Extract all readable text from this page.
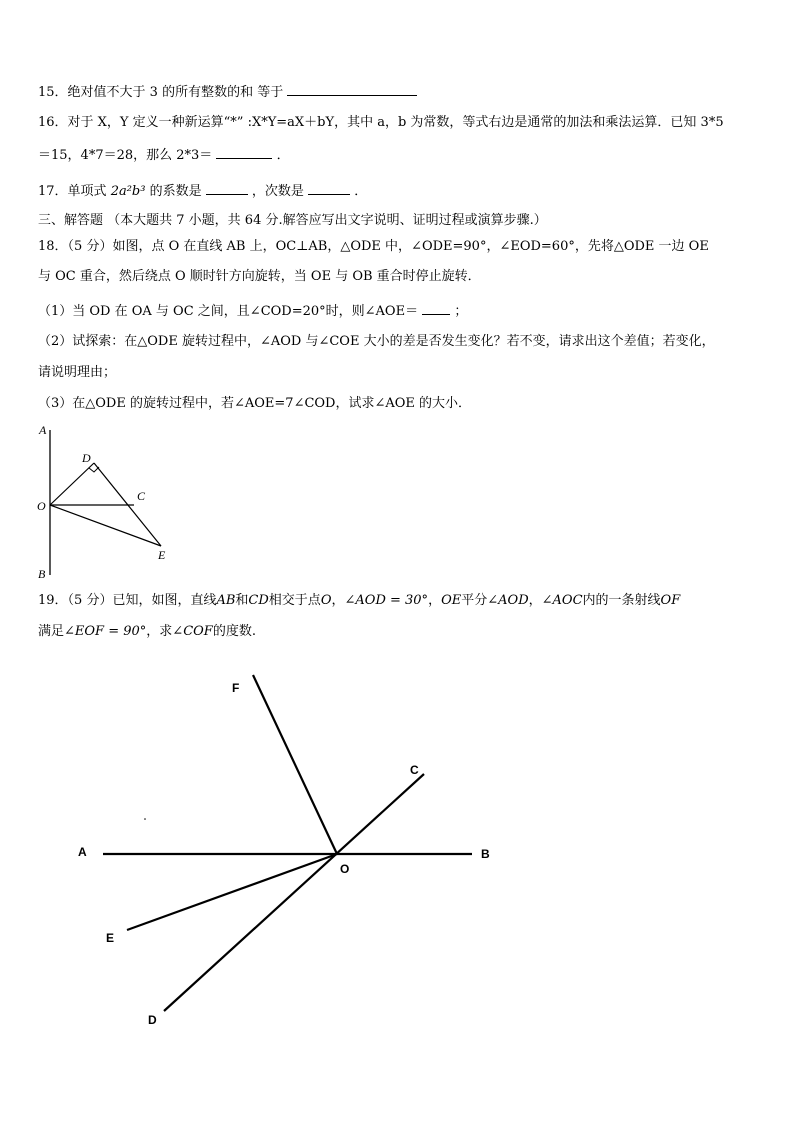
15．绝对值不大于 3 的所有整数的和 等于
16．对于 X，Y 定义一种新运算“*” :X*Y=aX＋bY，其中 a，b 为常数，等式右边是通常的加法和乘法运算．已知 3*5
＝15，4*7＝28，那么 2*3＝	．
17．单项式 2a²b³ 的系数是	，次数是	．
三、解答题 （本大题共 7 小题，共 64 分.解答应写出文字说明、证明过程或演算步骤.）
18．（5 分）如图，点 O 在直线 AB 上，OC⊥AB，△ODE 中，∠ODE=90°，∠EOD=60°，先将△ODE 一边 OE
与 OC 重合，然后绕点 O 顺时针方向旋转，当 OE 与 OB 重合时停止旋转．
（1）当 OD 在 OA 与 OC 之间，且∠COD=20°时，则∠AOE＝	；
（2）试探索：在△ODE 旋转过程中，∠AOD 与∠COE 大小的差是否发生变化？若不变，请求出这个差值；若变化，
请说明理由；
（3）在△ODE 的旋转过程中，若∠AOE=7∠COD，试求∠AOE 的大小．
A
D
C
O
E
B
19．（5 分）已知，如图，直线AB和CD相交于点O，∠AOD = 30°，OE平分∠AOD，∠AOC内的一条射线OF
满足∠EOF = 90°，求∠COF的度数.
F
C
A	B
O
E
D
